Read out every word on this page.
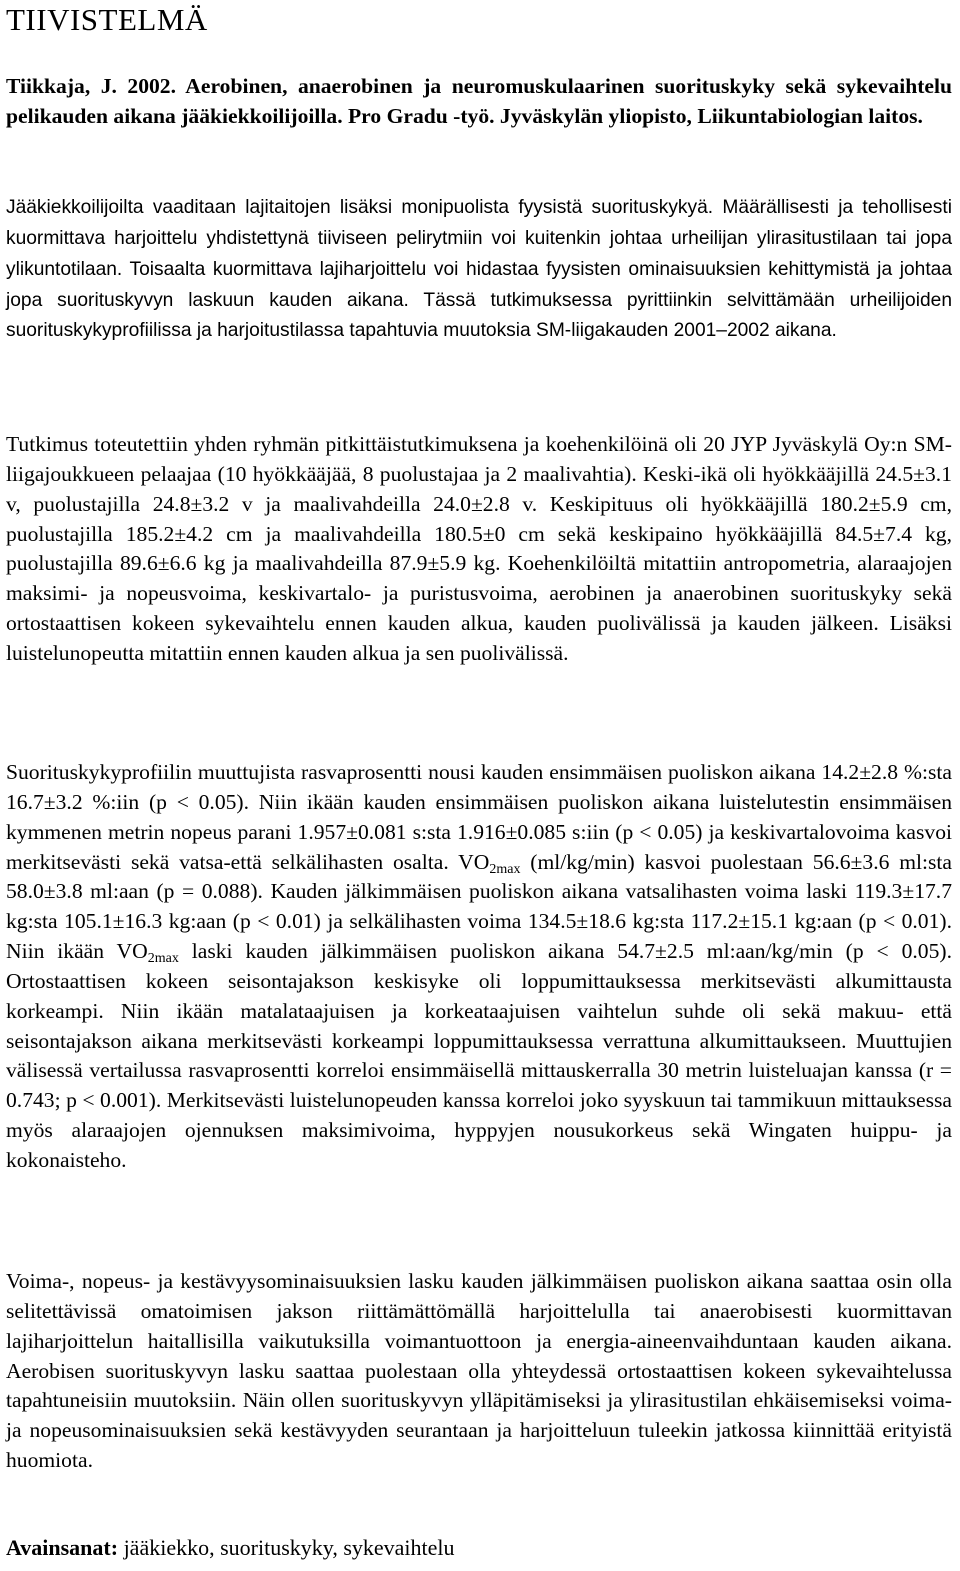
TIIVISTELMÄ

Tiikkaja, J. 2002. Aerobinen, anaerobinen ja neuromuskulaarinen suorituskyky sekä sykevaihtelu pelikauden aikana jääkiekkoilijoilla. Pro Gradu -työ. Jyväskylän yliopisto, Liikuntabiologian laitos.

Jääkiekkoilijoilta vaaditaan lajitaitojen lisäksi monipuolista fyysistä suorituskykyä. Määrällisesti ja tehollisesti kuormittava harjoittelu yhdistettynä tiiviseen pelirytmiin voi kuitenkin johtaa urheilijan ylirasitustilaan tai jopa ylikuntotilaan. Toisaalta kuormittava lajiharjoittelu voi hidastaa fyysisten ominaisuuksien kehittymistä ja johtaa jopa suorituskyvyn laskuun kauden aikana. Tässä tutkimuksessa pyrittiinkin selvittämään urheilijoiden suorituskykyprofiilissa ja harjoitustilassa tapahtuvia muutoksia SM-liigakauden 2001–2002 aikana.

Tutkimus toteutettiin yhden ryhmän pitkittäistutkimuksena ja koehenkilöinä oli 20 JYP Jyväskylä Oy:n SM-liigajoukkueen pelaajaa (10 hyökkääjää, 8 puolustajaa ja 2 maalivahtia). Keski-ikä oli hyökkääjillä 24.5±3.1 v, puolustajilla 24.8±3.2 v ja maalivahdeilla 24.0±2.8 v. Keskipituus oli hyökkääjillä 180.2±5.9 cm, puolustajilla 185.2±4.2 cm ja maalivahdeilla 180.5±0 cm sekä keskipaino hyökkääjillä 84.5±7.4 kg, puolustajilla 89.6±6.6 kg ja maalivahdeilla 87.9±5.9 kg. Koehenkilöiltä mitattiin antropometria, alaraajojen maksimi- ja nopeusvoima, keskivartalo- ja puristusvoima, aerobinen ja anaerobinen suorituskyky sekä ortostaattisen kokeen sykevaihtelu ennen kauden alkua, kauden puolivälissä ja kauden jälkeen. Lisäksi luistelunopeutta mitattiin ennen kauden alkua ja sen puolivälissä.

Suorituskykyprofiilin muuttujista rasvaprosentti nousi kauden ensimmäisen puoliskon aikana 14.2±2.8 %:sta 16.7±3.2 %:iin (p < 0.05). Niin ikään kauden ensimmäisen puoliskon aikana luistelutestin ensimmäisen kymmenen metrin nopeus parani 1.957±0.081 s:sta 1.916±0.085 s:iin (p < 0.05) ja keskivartalovoima kasvoi merkitsevästi sekä vatsa-että selkälihasten osalta. $VO_{2max}$ (ml/kg/min) kasvoi puolestaan 56.6±3.6 ml:sta 58.0±3.8 ml:aan (p = 0.088). Kauden jälkimmäisen puoliskon aikana vatsalihasten voima laski 119.3±17.7 kg:sta 105.1±16.3 kg:aan (p < 0.01) ja selkälihasten voima 134.5±18.6 kg:sta 117.2±15.1 kg:aan (p < 0.01). Niin ikään $VO_{2max}$ laski kauden jälkimmäisen puoliskon aikana 54.7±2.5 ml:aan/kg/min (p < 0.05). Ortostaattisen kokeen seisontajakson keskisyke oli loppumittauksessa merkitsevästi alkumittausta korkeampi. Niin ikään matalataajuisen ja korkeataajuisen vaihtelun suhde oli sekä makuu- että seisontajakson aikana merkitsevästi korkeampi loppumittauksessa verrattuna alkumittaukseen. Muuttujien välisessä vertailussa rasvaprosentti korreloi ensimmäisellä mittauskerralla 30 metrin luisteluajan kanssa (r = 0.743; p < 0.001). Merkitsevästi luistelunopeuden kanssa korreloi joko syyskuun tai tammikuun mittauksessa myös alaraajojen ojennuksen maksimivoima, hyppyjen nousukorkeus sekä Wingaten huippu- ja kokonaisteho.

Voima-, nopeus- ja kestävyysominaisuuksien lasku kauden jälkimmäisen puoliskon aikana saattaa osin olla selitettävissä omatoimisen jakson riittämättömällä harjoittelulla tai anaerobisesti kuormittavan lajiharjoittelun haitallisilla vaikutuksilla voimantuottoon ja energia-aineenvaihduntaan kauden aikana. Aerobisen suorituskyvyn lasku saattaa puolestaan olla yhteydessä ortostaattisen kokeen sykevaihtelussa tapahtuneisiin muutoksiin. Näin ollen suorituskyvyn ylläpitämiseksi ja ylirasitustilan ehkäisemiseksi voima- ja nopeusominaisuuksien sekä kestävyyden seurantaan ja harjoitteluun tuleekin jatkossa kiinnittää erityistä huomiota.

Avainsanat: jääkiekko, suorituskyky, sykevaihtelu
